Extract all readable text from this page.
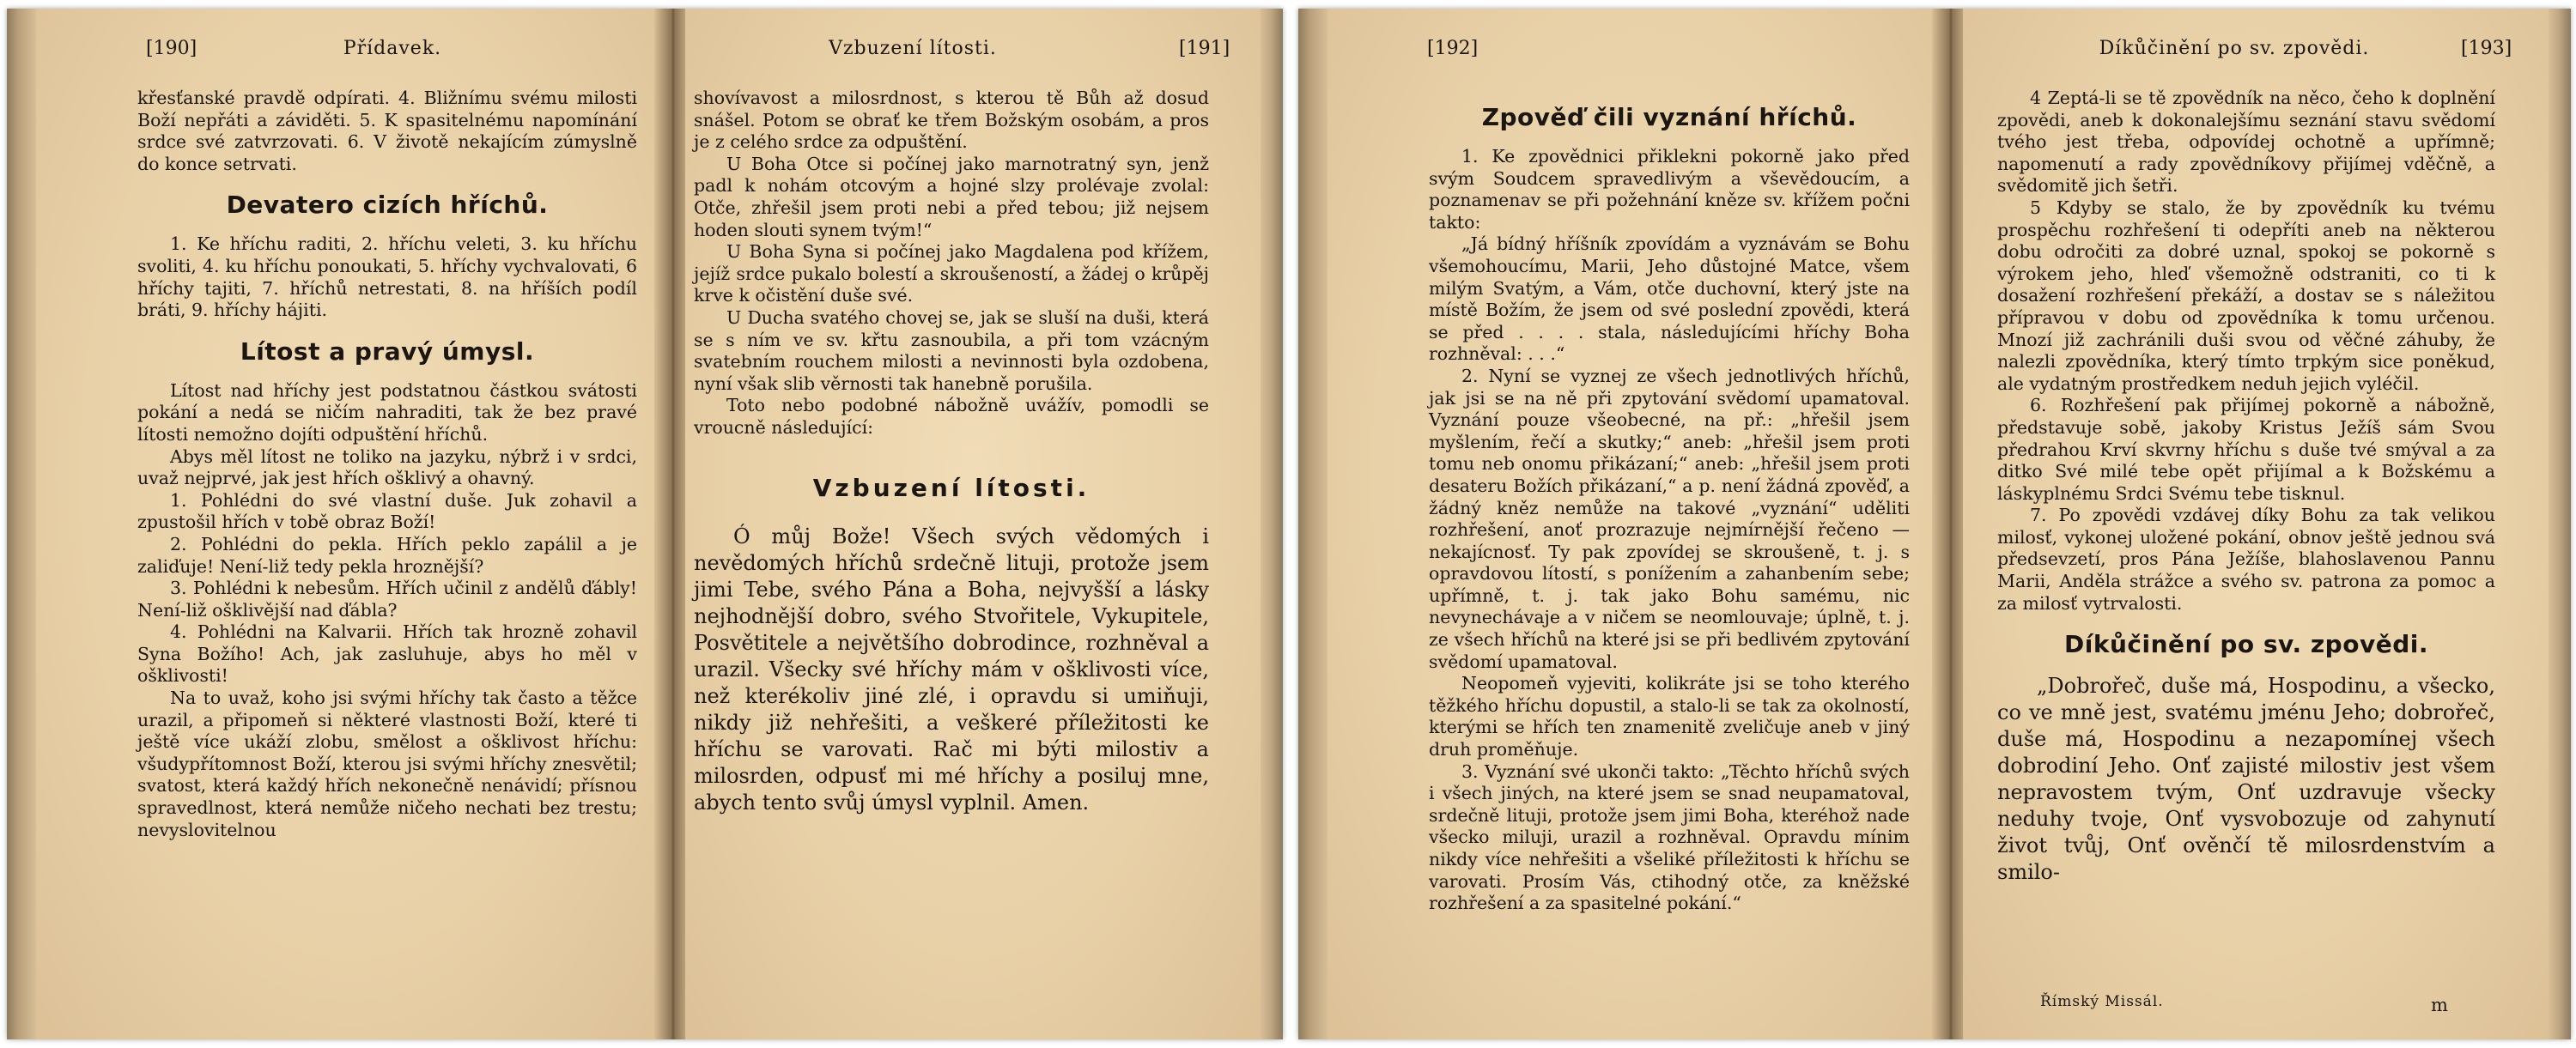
[190]	Přídavek.

křesťanské pravdě odpírati. 4. Bližnímu svému milosti Boží nepřáti a záviděti. 5. K spasitelnému napomínání srdce své zatvrzovati. 6. V životě nekajícím zúmyslně do konce setrvati.

Devatero cizích hříchů.

1. Ke hříchu raditi, 2. hříchu veleti, 3. ku hříchu svoliti, 4. ku hříchu ponoukati, 5. hříchy vychvalovati, 6 hříchy tajiti, 7. hříchů netrestati, 8. na hříších podíl bráti, 9. hříchy hájiti.

Lítost a pravý úmysl.

Lítost nad hříchy jest podstatnou částkou svátosti pokání a nedá se ničím nahraditi, tak že bez pravé lítosti nemožno dojíti odpuštění hříchů.

Abys měl lítost ne toliko na jazyku, nýbrž i v srdci, uvaž nejprvé, jak jest hřích ošklivý a ohavný.

1. Pohlédni do své vlastní duše. Juk zohavil a zpustošil hřích v tobě obraz Boží!

2. Pohlédni do pekla. Hřích peklo zapálil a je zaliďuje! Není-liž tedy pekla hroznější?

3. Pohlédni k nebesům. Hřích učinil z andělů ďábly! Není-liž ošklivější nad ďábla?

4. Pohlédni na Kalvarii. Hřích tak hrozně zohavil Syna Božího! Ach, jak zasluhuje, abys ho měl v ošklivosti!

Na to uvaž, koho jsi svými hříchy tak často a těžce urazil, a připomeň si některé vlastnosti Boží, které ti ještě více ukáží zlobu, smělost a ošklivost hříchu: všudypřítomnost Boží, kterou jsi svými hříchy znesvětil; svatost, která každý hřích nekonečně nenávidí; přísnou spravedlnost, která nemůže ničeho nechati bez trestu; nevyslovitelnou

Vzbuzení lítosti.	[191]

shovívavost a milosrdnost, s kterou tě Bůh až dosud snášel. Potom se obrať ke třem Božským osobám, a pros je z celého srdce za odpuštění.

U Boha Otce si počínej jako marnotratný syn, jenž padl k nohám otcovým a hojné slzy prolévaje zvolal: Otče, zhřešil jsem proti nebi a před tebou; již nejsem hoden slouti synem tvým!“

U Boha Syna si počínej jako Magdalena pod křížem, jejíž srdce pukalo bolestí a skroušeností, a žádej o krůpěj krve k očistění duše své.

U Ducha svatého chovej se, jak se sluší na duši, která se s ním ve sv. křtu zasnoubila, a při tom vzácným svatebním rouchem milosti a nevinnosti byla ozdobena, nyní však slib věrnosti tak hanebně porušila.

Toto nebo podobné nábožně uvážív, pomodli se vroucně následující:

Vzbuzení lítosti.

Ó můj Bože! Všech svých vědomých i nevědomých hříchů srdečně lituji, protože jsem jimi Tebe, svého Pána a Boha, nejvyšší a lásky nejhodnější dobro, svého Stvořitele, Vykupitele, Posvětitele a největšího dobrodince, rozhněval a urazil. Všecky své hříchy mám v ošklivosti více, než kterékoliv jiné zlé, i opravdu si umiňuji, nikdy již nehřešiti, a veškeré příležitosti ke hříchu se varovati. Rač mi býti milostiv a milosrden, odpusť mi mé hříchy a posiluj mne, abych tento svůj úmysl vyplnil. Amen.

[192]
Zpověď čili vyznání hříchů.

1. Ke zpovědnici přiklekni pokorně jako před svým Soudcem spravedlivým a vševědoucím, a poznamenav se při požehnání kněze sv. křížem počni takto:

„Já bídný hříšník zpovídám a vyznávám se Bohu všemohoucímu, Marii, Jeho důstojné Matce, všem milým Svatým, a Vám, otče duchovní, který jste na místě Božím, že jsem od své poslední zpovědi, která se před . . . . stala, následujícími hříchy Boha rozhněval: . . .“

2. Nyní se vyznej ze všech jednotlivých hříchů, jak jsi se na ně při zpytování svědomí upamatoval. Vyznání pouze všeobecné, na př.: „hřešil jsem myšlením, řečí a skutky;“ aneb: „hřešil jsem proti tomu neb onomu přikázaní;“ aneb: „hřešil jsem proti desateru Božích přikázaní,“ a p. není žádná zpověď, a žádný kněz nemůže na takové „vyznání“ uděliti rozhřešení, anoť prozrazuje nejmírnější řečeno — nekajícnosť. Ty pak zpovídej se skroušeně, t. j. s opravdovou lítostí, s ponížením a zahanbením sebe; upřímně, t. j. tak jako Bohu samému, nic nevynechávaje a v ničem se neomlouvaje; úplně, t. j. ze všech hříchů na které jsi se při bedlivém zpytování svědomí upamatoval.

Neopomeň vyjeviti, kolikráte jsi se toho kterého těžkého hříchu dopustil, a stalo-li se tak za okolností, kterými se hřích ten znamenitě zveličuje aneb v jiný druh proměňuje.

3. Vyznání své ukonči takto: „Těchto hříchů svých i všech jiných, na které jsem se snad neupamatoval, srdečně lituji, protože jsem jimi Boha, kteréhož nade všecko miluji, urazil a rozhněval. Opravdu mínim nikdy více nehřešiti a všeliké příležitosti k hříchu se varovati. Prosím Vás, ctihodný otče, za kněžské rozhřešení a za spasitelné pokání.“

Díkůčinění po sv. zpovědi.	[193]

4 Zeptá-li se tě zpovědník na něco, čeho k doplnění zpovědi, aneb k dokonalejšímu seznání stavu svědomí tvého jest třeba, odpovídej ochotně a upřímně; napomenutí a rady zpovědníkovy přijímej vděčně, a svědomitě jich šetři.

5 Kdyby se stalo, že by zpovědník ku tvému prospěchu rozhřešení ti odepříti aneb na některou dobu odročiti za dobré uznal, spokoj se pokorně s výrokem jeho, hleď všemožně odstraniti, co ti k dosažení rozhřešení překáží, a dostav se s náležitou přípravou v dobu od zpovědníka k tomu určenou. Mnozí již zachránili duši svou od věčné záhuby, že nalezli zpovědníka, který tímto trpkým sice poněkud, ale vydatným prostředkem neduh jejich vyléčil.

6. Rozhřešení pak přijímej pokorně a nábožně, představuje sobě, jakoby Kristus Ježíš sám Svou předrahou Krví skvrny hříchu s duše tvé smýval a za ditko Své milé tebe opět přijímal a k Božskému a láskyplnému Srdci Svému tebe tisknul.

7. Po zpovědi vzdávej díky Bohu za tak velikou milosť, vykonej uložené pokání, obnov ještě jednou svá předsevzetí, pros Pána Ježíše, blahoslavenou Pannu Marii, Anděla strážce a svého sv. patrona za pomoc a za milosť vytrvalosti.

Díkůčinění po sv. zpovědi.

„Dobrořeč, duše má, Hospodinu, a všecko, co ve mně jest, svatému jménu Jeho; dobrořeč, duše má, Hospodinu a nezapomínej všech dobrodiní Jeho. Onť zajisté milostiv jest všem nepravostem tvým, Onť uzdravuje všecky neduhy tvoje, Onť vysvobozuje od zahynutí život tvůj, Onť ověnčí tě milosrdenstvím a smilo-

Římský Missál.	m
